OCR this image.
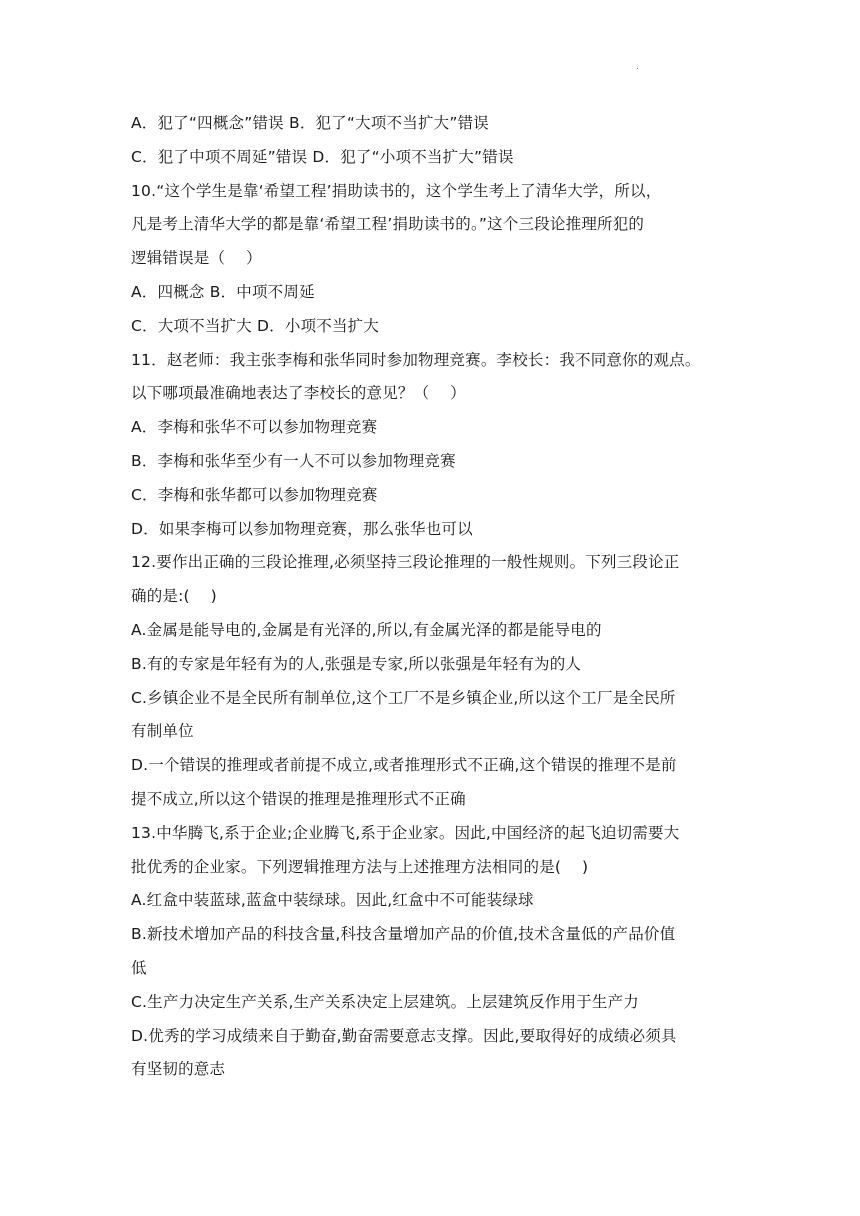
.
A．犯了“四概念”错误 B．犯了“大项不当扩大”错误
C．犯了中项不周延”错误 D．犯了“小项不当扩大”错误
10.“这个学生是靠‘希望工程’捐助读书的，这个学生考上了清华大学，所以，
凡是考上清华大学的都是靠‘希望工程’捐助读书的。”这个三段论推理所犯的
逻辑错误是（　 ）
A．四概念 B．中项不周延
C．大项不当扩大 D．小项不当扩大
11．赵老师：我主张李梅和张华同时参加物理竞赛。李校长：我不同意你的观点。
以下哪项最准确地表达了李校长的意见？（　 ）
A．李梅和张华不可以参加物理竞赛
B．李梅和张华至少有一人不可以参加物理竞赛
C．李梅和张华都可以参加物理竞赛
D．如果李梅可以参加物理竞赛，那么张华也可以
12.要作出正确的三段论推理,必须坚持三段论推理的一般性规则。下列三段论正
确的是:(　 )
A.金属是能导电的,金属是有光泽的,所以,有金属光泽的都是能导电的
B.有的专家是年轻有为的人,张强是专家,所以张强是年轻有为的人
C.乡镇企业不是全民所有制单位,这个工厂不是乡镇企业,所以这个工厂是全民所
有制单位
D.一个错误的推理或者前提不成立,或者推理形式不正确,这个错误的推理不是前
提不成立,所以这个错误的推理是推理形式不正确
13.中华腾飞,系于企业;企业腾飞,系于企业家。因此,中国经济的起飞迫切需要大
批优秀的企业家。下列逻辑推理方法与上述推理方法相同的是(　 )
A.红盒中装蓝球,蓝盒中装绿球。因此,红盒中不可能装绿球
B.新技术增加产品的科技含量,科技含量增加产品的价值,技术含量低的产品价值
低
C.生产力决定生产关系,生产关系决定上层建筑。上层建筑反作用于生产力
D.优秀的学习成绩来自于勤奋,勤奋需要意志支撑。因此,要取得好的成绩必须具
有坚韧的意志
